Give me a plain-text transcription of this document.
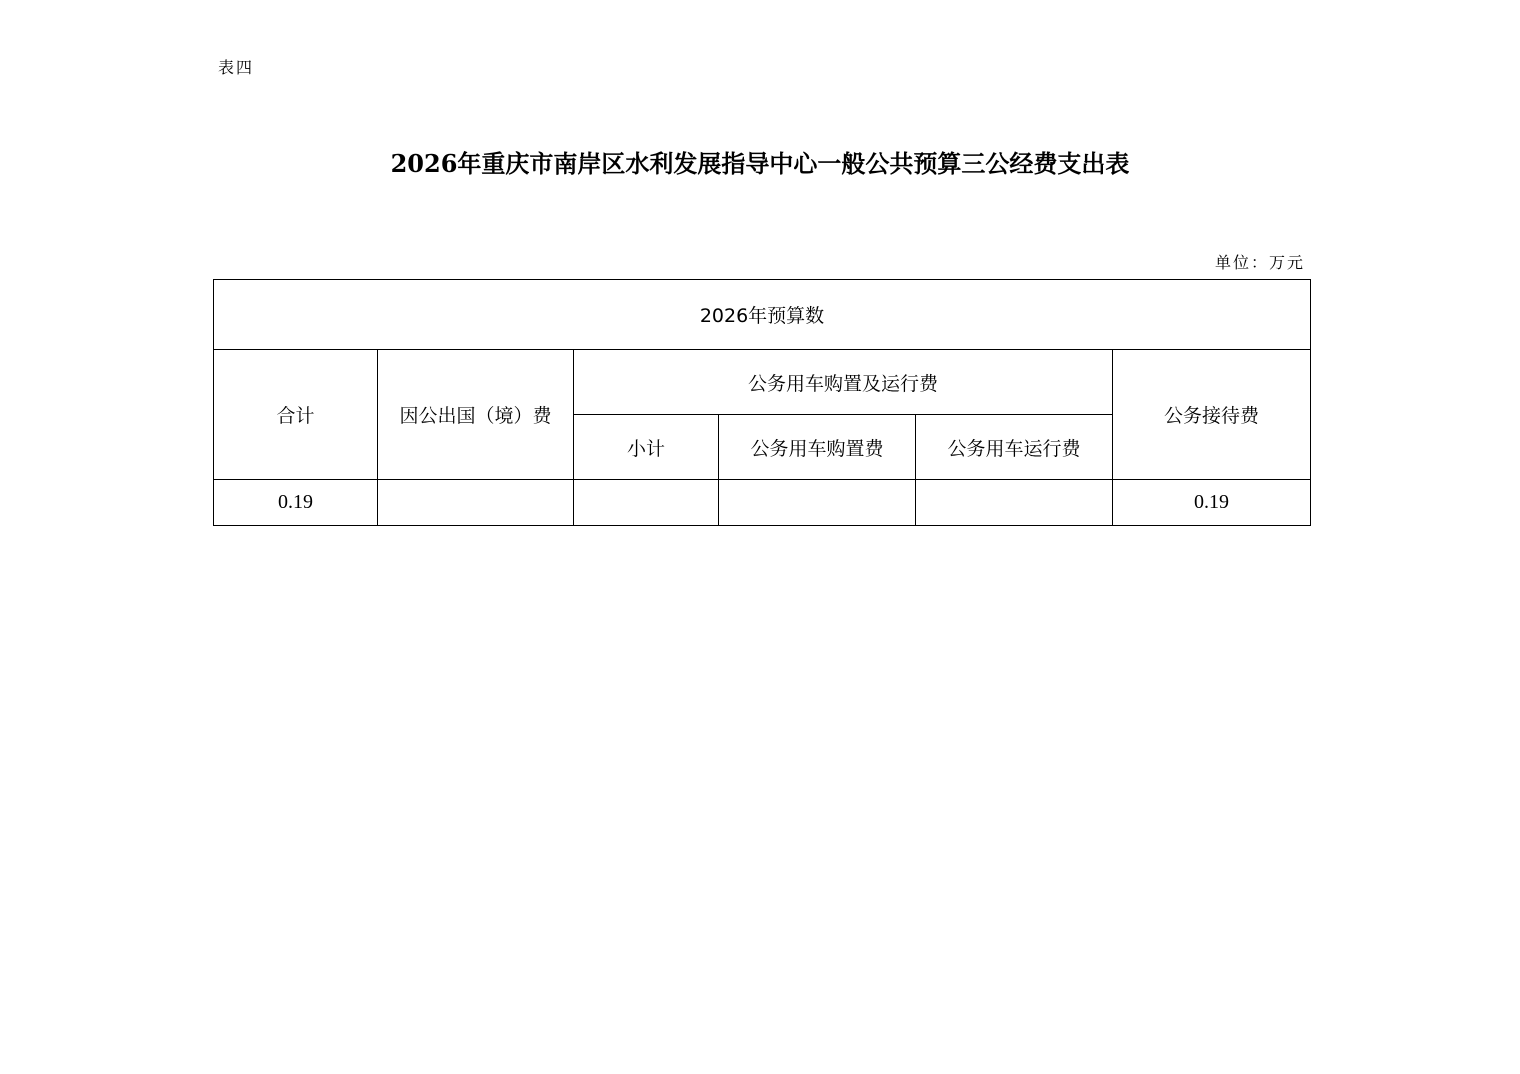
表四
2026年重庆市南岸区水利发展指导中心一般公共预算三公经费支出表
单位：万元
2026年预算数					
合计	因公出国（境）费	公务用车购置及运行费			公务接待费
		小计	公务用车购置费	公务用车运行费	
0.19					0.19
